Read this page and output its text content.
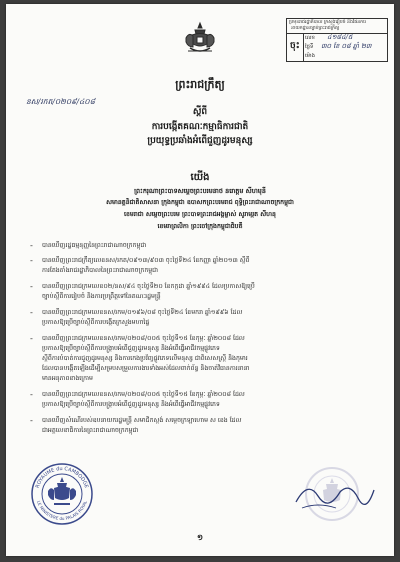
ប្រមុខរាជរដ្ឋាភិបាល ក្រសួងរៀបចំ និងផែនការ
នាយកដ្ឋានច្បាប់ព្រះរាជក្រឹត្យ
ចុះ
លេខ ៤១៨៤/៥
ថ្ងៃទី ៣០ ខែ ០៨ ឆ្នាំ ២៣
ម៉ោង
ព្រះរាជក្រឹត្យ
នស/រកត/០២០៩/៤០៨
ស្តីពី
ការបង្កើតគណៈកម្មាធិការជាតិ
ប្រយុទ្ធប្រឆាំងអំពើជួញដូរមនុស្ស
យើង
ព្រះករុណាព្រះបាទសម្តេចព្រះបរមនាថ នរោត្តម សីហមុនី
សមានគ្គនិជាតិសាសនា ក្រុងកម្ពុជា ឧបាសកព្រះបរមរាជ ពុទ្ធិព្រះរាជាណាចក្រកម្ពុជា
ខេមរាជា សម្តេចព្រះបរម ព្រះបាទព្រះរាជអង្គម្ចាស់ សូរាមរ្កត សីហនុ
ខេមរាព្រលិកា ព្រះចៅក្រុងកម្ពុជាធិបតី
- បានឃើញរដ្ឋធម្មនុញ្ញនៃព្រះរាជាណាចក្រកម្ពុជា
- បានឃើញព្រះរាជក្រឹត្យលេខនស/រកត/០៩១៣/៩០៣ ចុះថ្ងៃទី២៤ ខែកញ្ញា ឆ្នាំ២០១៣ ស្តីពី
ការតែងតាំងរាជរដ្ឋាភិបាលនៃព្រះរាជាណាចក្រកម្ពុជា
- បានឃើញព្រះរាជក្រមលេខ០២/នស/៩៤ ចុះថ្ងៃទី២០ ខែកក្កដា ឆ្នាំ១៩៩៤ ដែលប្រកាសឱ្យប្រើ
ច្បាប់ស្តីពីការរៀបចំ និងការប្រព្រឹត្តទៅនៃគណៈរដ្ឋមន្ត្រី
- បានឃើញព្រះរាជក្រមលេខនស/រកម/០១៩៦/០៨ ចុះថ្ងៃទី២៤ ខែមករា ឆ្នាំ១៩៩៦ ដែល
ប្រកាសឱ្យប្រើច្បាប់ស្តីពីការបង្កើតក្រសួងមហាផ្ទៃ
- បានឃើញព្រះរាជក្រមលេខនស/រកម/០២០៨/០០៥ ចុះថ្ងៃទី១៥ ខែកុម្ភៈ ឆ្នាំ២០០៨ ដែល
ប្រកាសឱ្យប្រើច្បាប់ស្តីពីការបង្ក្រាបអំពើជួញដូរមនុស្ស និងអំពើធ្វើអាជីវកម្មផ្លូវភេទ
ស្តីពីការបំបាត់ការជួញដូរមនុស្ស និងការកេងប្រវ័ញ្ចផ្លូវភេទលើមនុស្ស ជាពិសេសស្ត្រី និងកុមារ
ដែលបានបង្កើតឡើងដើម្បីសម្របសម្រួលការងារទាំងអស់ដែលពាក់ព័ន្ធ និងចាត់វិធានការនានា
មានអនុភាពខាងក្រោម
- បានឃើញព្រះរាជក្រមលេខនស/រកម/០២០៨/០០៥ ចុះថ្ងៃទី១៥ ខែកុម្ភៈ ឆ្នាំ២០០៨ ដែល
ប្រកាសឱ្យប្រើច្បាប់ស្តីពីការបង្ក្រាបអំពើជួញដូរមនុស្ស និងអំពើធ្វើអាជីវកម្មផ្លូវភេទ
- បានឃើញសំណើរបស់ឧបនាយករដ្ឋមន្ត្រី សមាជិកស្ដង់ សម្តេចក្រឡាហោម ស ខេង ដែល
ជាអគ្គលេខាធិការនៃព្រះរាជាណាចក្រកម្ពុជា
ROYAUME du CAMBODGE
LE MINISTERE du PALAIS ROYAL
១
